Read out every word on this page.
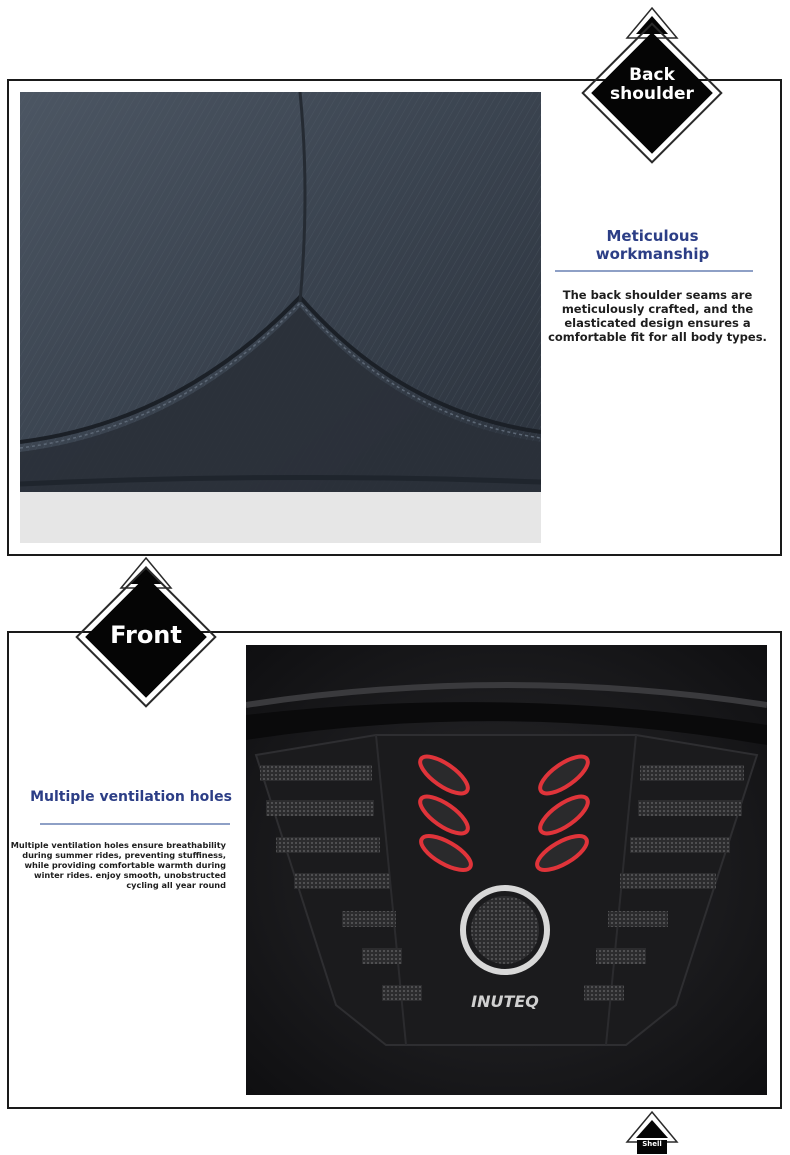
Back
shoulder
Meticulous
workmanship
The back shoulder seams are
meticulously crafted, and the
elasticated design ensures a
comfortable fit for all body types.
INUTEQ
Front
Multiple ventilation holes
Multiple ventilation holes ensure breathability
during summer rides, preventing stuffiness,
while providing comfortable warmth during
winter rides. enjoy smooth, unobstructed
cycling all year round
Shell
